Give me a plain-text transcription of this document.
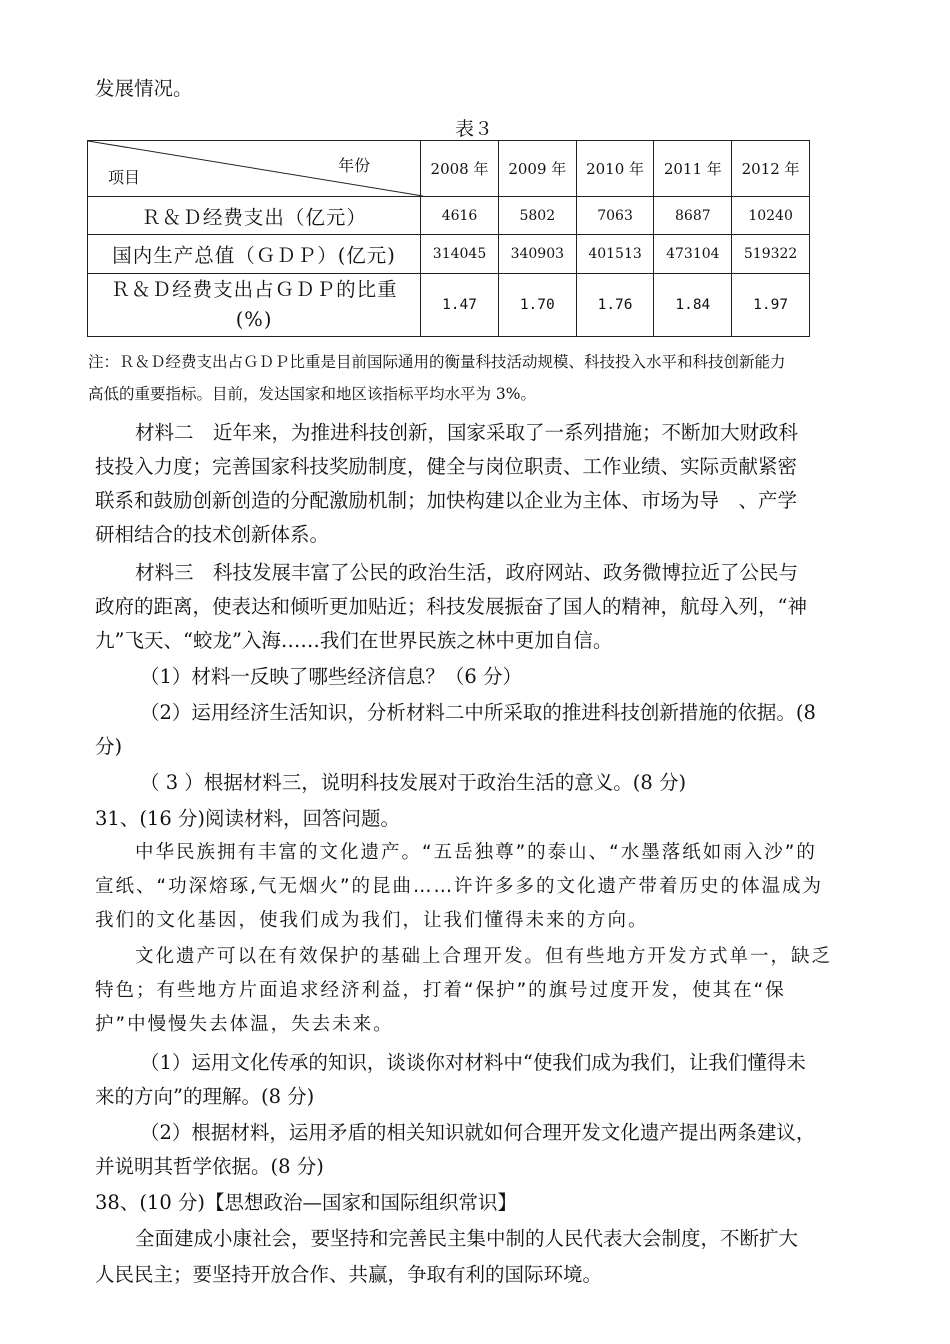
发展情况。
表３
年份
项目	2008 年	2009 年	2010 年	2011 年	2012 年
Ｒ＆Ｄ经费支出（亿元）	4616	5802	7063	8687	10240
国内生产总值（ＧＤＰ）(亿元)	314045	340903	401513	473104	519322

Ｒ＆Ｄ经费支出占ＧＤＰ的比重
(%)	1.47	1.70	1.76	1.84	1.97
注：Ｒ＆Ｄ经费支出占ＧＤＰ比重是目前国际通用的衡量科技活动规模、科技投入水平和科技创新能力
高低的重要指标。目前，发达国家和地区该指标平均水平为 3%。
材料二　近年来，为推进科技创新，国家采取了一系列措施；不断加大财政科
技投入力度；完善国家科技奖励制度，健全与岗位职责、工作业绩、实际贡献紧密
联系和鼓励创新创造的分配激励机制；加快构建以企业为主体、市场为导　、产学
研相结合的技术创新体系。
材料三　科技发展丰富了公民的政治生活，政府网站、政务微博拉近了公民与
政府的距离，使表达和倾听更加贴近；科技发展振奋了国人的精神，航母入列，“神
九”飞天、“蛟龙”入海……我们在世界民族之林中更加自信。
（1）材料一反映了哪些经济信息？（6 分）
（2）运用经济生活知识，分析材料二中所采取的推进科技创新措施的依据。(8
分)
（ 3 ）根据材料三，说明科技发展对于政治生活的意义。(8 分)
31、(16 分)阅读材料，回答问题。
中华民族拥有丰富的文化遗产。“五岳独尊”的泰山、“水墨落纸如雨入沙”的
宣纸、“功深熔琢,气无烟火”的昆曲……许许多多的文化遗产带着历史的体温成为
我们的文化基因，使我们成为我们，让我们懂得未来的方向。
文化遗产可以在有效保护的基础上合理开发。但有些地方开发方式单一，缺乏
特色；有些地方片面追求经济利益，打着“保护”的旗号过度开发，使其在“保
护”中慢慢失去体温，失去未来。
（1）运用文化传承的知识，谈谈你对材料中“使我们成为我们，让我们懂得未
来的方向”的理解。(8 分)
（2）根据材料，运用矛盾的相关知识就如何合理开发文化遗产提出两条建议，
并说明其哲学依据。(8 分)
38、(10 分)【思想政治—国家和国际组织常识】
全面建成小康社会，要坚持和完善民主集中制的人民代表大会制度，不断扩大
人民民主；要坚持开放合作、共赢，争取有利的国际环境。
